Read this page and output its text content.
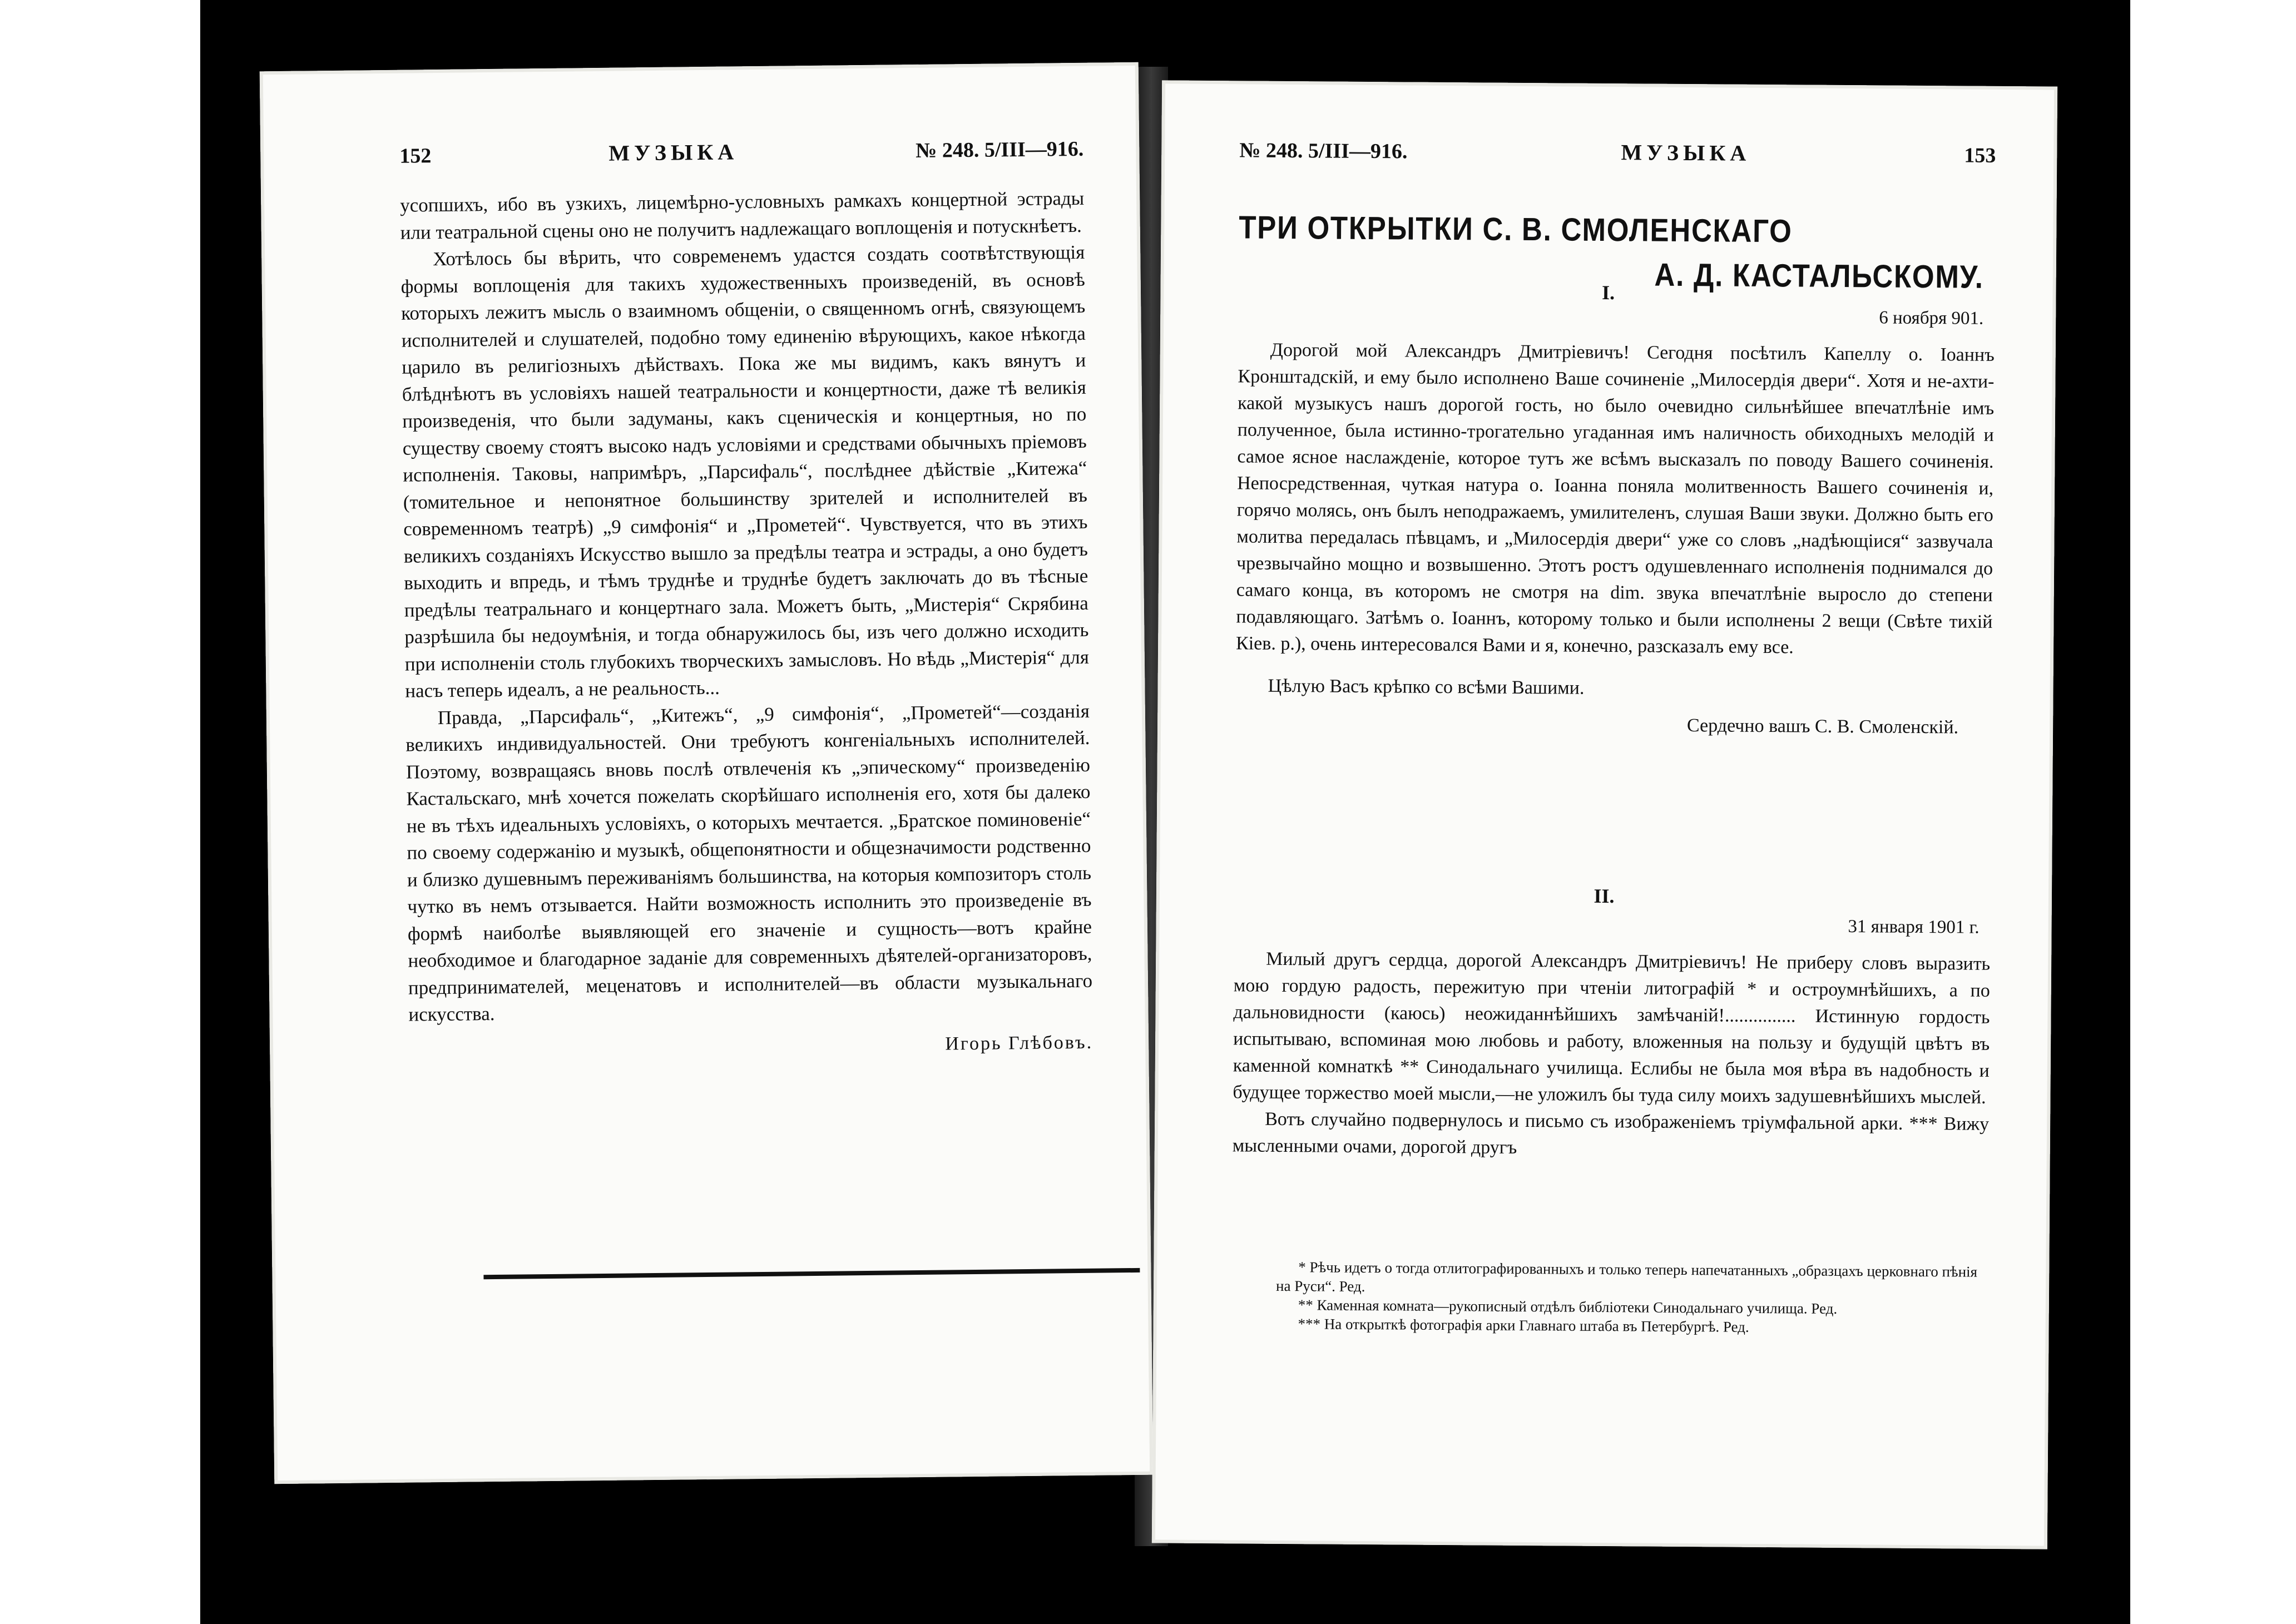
152	МУЗЫКА	№ 248. 5/III—916.

усопшихъ, ибо въ узкихъ, лицемѣрно-условныхъ рамкахъ концертной эстрады или театральной сцены оно не получитъ надлежащаго воплощенія и потускнѣетъ.

Хотѣлось бы вѣрить, что современемъ удастся создать соотвѣтствующія формы воплощенія для такихъ художественныхъ произведеній, въ основѣ которыхъ лежитъ мысль о взаимномъ общеніи, о священномъ огнѣ, связующемъ исполнителей и слушателей, подобно тому единенію вѣрующихъ, какое нѣкогда царило въ религіозныхъ дѣйствахъ. Пока же мы видимъ, какъ вянутъ и блѣднѣютъ въ условіяхъ нашей театральности и концертности, даже тѣ великія произведенія, что были задуманы, какъ сценическія и концертныя, но по существу своему стоятъ высоко надъ условіями и средствами обычныхъ пріемовъ исполненія. Таковы, напримѣръ, „Парсифаль“, послѣднее дѣйствіе „Китежа“ (томительное и непонятное большинству зрителей и исполнителей въ современномъ театрѣ) „9 симфонія“ и „Прометей“. Чувствуется, что въ этихъ великихъ созданіяхъ Искусство вышло за предѣлы театра и эстрады, а оно будетъ выходить и впредь, и тѣмъ труднѣе и труднѣе будетъ заключать до въ тѣсные предѣлы театральнаго и концертнаго зала. Можетъ быть, „Мистерія“ Скрябина разрѣшила бы недоумѣнія, и тогда обнаружилось бы, изъ чего должно исходить при исполненіи столь глубокихъ творческихъ замысловъ. Но вѣдь „Мистерія“ для насъ теперь идеалъ, а не реальность...

Правда, „Парсифаль“, „Китежъ“, „9 симфонія“, „Прометей“—созданія великихъ индивидуальностей. Они требуютъ конгеніальныхъ исполнителей. Поэтому, возвращаясь вновь послѣ отвлеченія къ „эпическому“ произведенію Кастальскаго, мнѣ хочется пожелать скорѣйшаго исполненія его, хотя бы далеко не въ тѣхъ идеальныхъ условіяхъ, о которыхъ мечтается. „Братское поминовеніе“ по своему содержанію и музыкѣ, общепонятности и общезначимости родственно и близко душевнымъ переживаніямъ большинства, на которыя композиторъ столь чутко въ немъ отзывается. Найти возможность исполнить это произведеніе въ формѣ наиболѣе выявляющей его значеніе и сущность—вотъ крайне необходимое и благодарное заданіе для современныхъ дѣятелей-организаторовъ, предпринимателей, меценатовъ и исполнителей—въ области музыкальнаго искусства.

Игорь Глѣбовъ.
№ 248. 5/III—916.	МУЗЫКА	153
ТРИ ОТКРЫТКИ С. В. СМОЛЕНСКАГО
А. Д. КАСТАЛЬСКОМУ.
I.
6 ноября 901.

Дорогой мой Александръ Дмитріевичъ! Сегодня посѣтилъ Капеллу о. Іоаннъ Кронштадскій, и ему было исполнено Ваше сочиненіе „Милосердія двери“. Хотя и не-ахти-какой музыкусъ нашъ дорогой гость, но было очевидно сильнѣйшее впечатлѣніе имъ полученное, была истинно-трогательно угаданная имъ наличность обиходныхъ мелодій и самое ясное наслажденіе, которое тутъ же всѣмъ высказалъ по поводу Вашего сочиненія. Непосредственная, чуткая натура о. Іоанна поняла молитвенность Вашего сочиненія и, горячо молясь, онъ былъ неподражаемъ, умилителенъ, слушая Ваши звуки. Должно быть его молитва передалась пѣвцамъ, и „Милосердія двери“ уже со словъ „надѣющіися“ зазвучала чрезвычайно мощно и возвышенно. Этотъ ростъ одушевленнаго исполненія поднимался до самаго конца, въ которомъ не смотря на dim. звука впечатлѣніе выросло до степени подавляющаго. Затѣмъ о. Іоаннъ, которому только и были исполнены 2 вещи (Свѣте тихій Кіев. р.), очень интересовался Вами и я, конечно, разсказалъ ему все.

Цѣлую Васъ крѣпко со всѣми Вашими.
Сердечно вашъ С. В. Смоленскій.
II.
31 января 1901 г.

Милый другъ сердца, дорогой Александръ Дмитріевичъ! Не приберу словъ выразить мою гордую радость, пережитую при чтеніи литографій * и остроумнѣйшихъ, а по дальновидности (каюсь) неожиданнѣйшихъ замѣчаній!............... Истинную гордость испытываю, вспоминая мою любовь и работу, вложенныя на пользу и будущій цвѣтъ въ каменной комнаткѣ ** Синодальнаго училища. Еслибы не была моя вѣра въ надобность и будущее торжество моей мысли,—не уложилъ бы туда силу моихъ задушевнѣйшихъ мыслей.

Вотъ случайно подвернулось и письмо съ изображеніемъ тріумфальной арки. *** Вижу мысленными очами, дорогой другъ

* Рѣчь идетъ о тогда отлитографированныхъ и только теперь напечатанныхъ „образцахъ церковнаго пѣнія на Руси“. Ред.

** Каменная комната—рукописный отдѣлъ библіотеки Синодальнаго училища. Ред.

*** На открыткѣ фотографія арки Главнаго штаба въ Петербургѣ. Ред.
